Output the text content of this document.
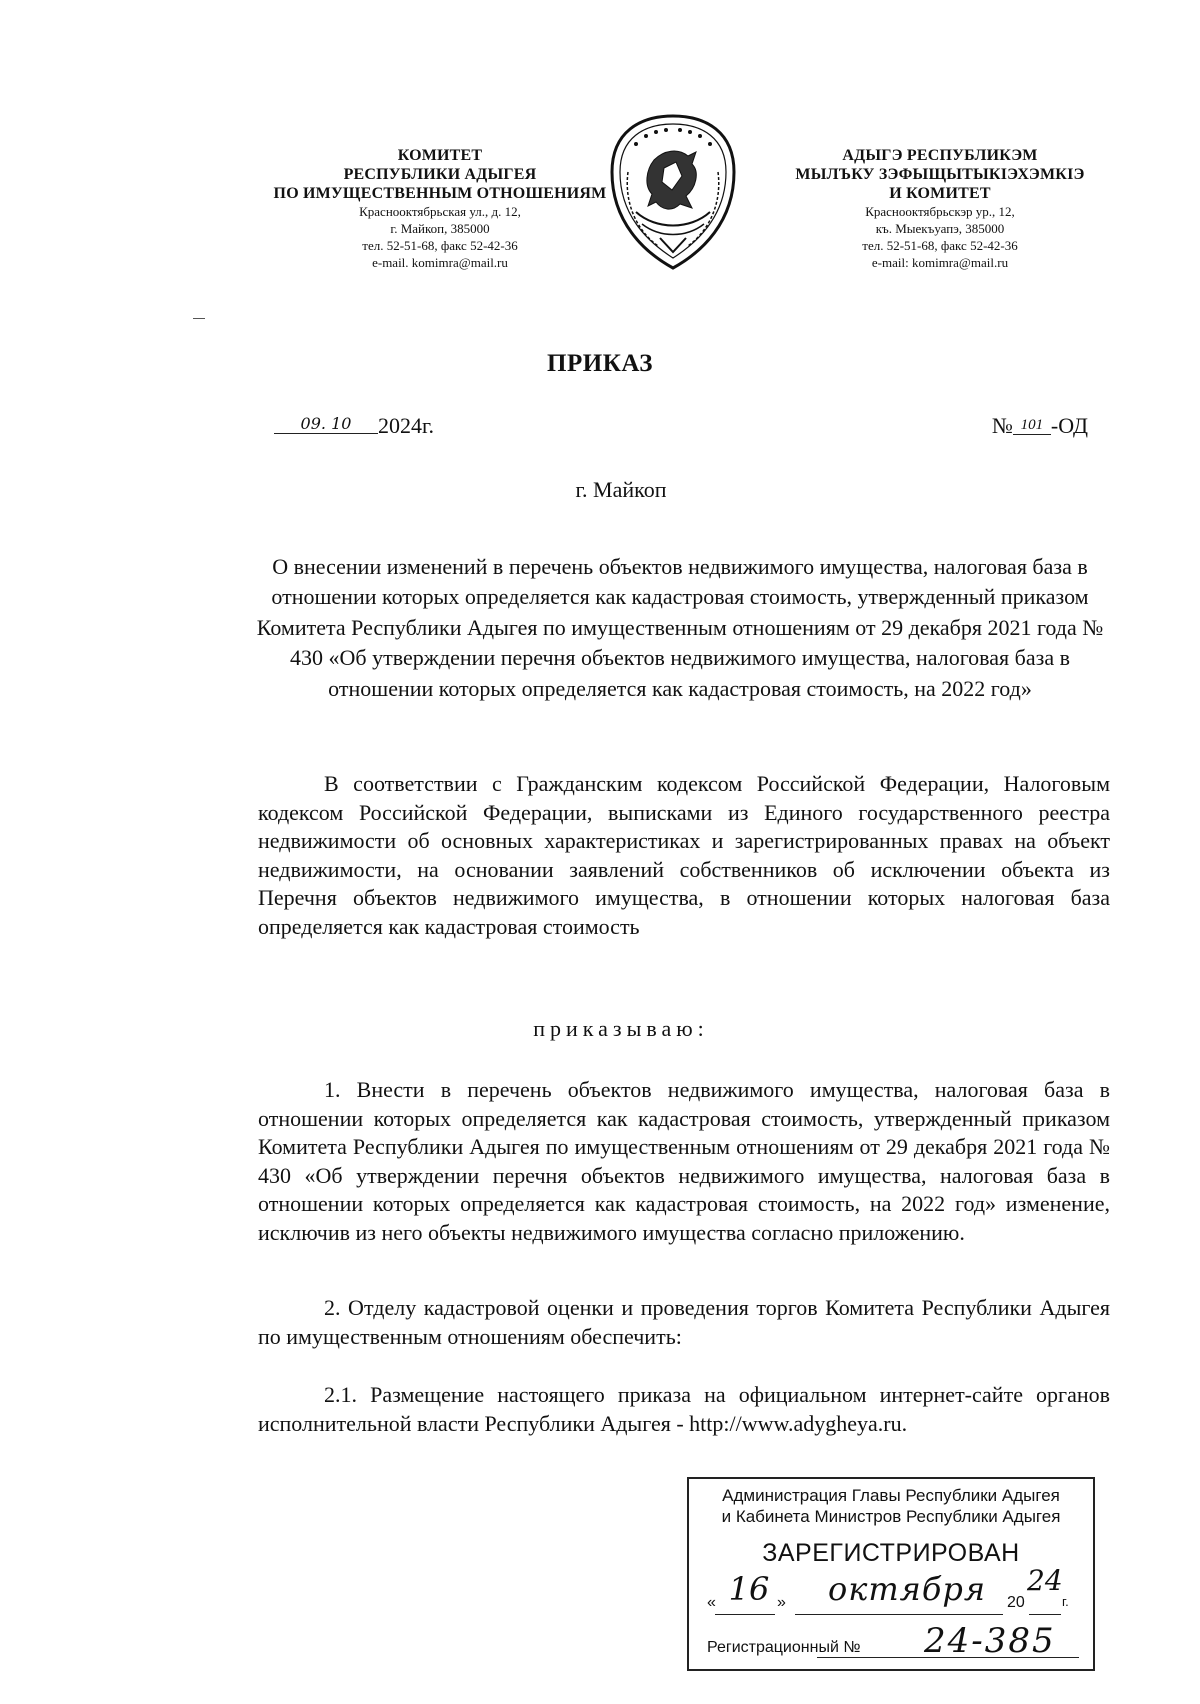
КОМИТЕТ
РЕСПУБЛИКИ АДЫГЕЯ
ПО ИМУЩЕСТВЕННЫМ ОТНОШЕНИЯМ
Краснооктябрьская ул., д. 12,
г. Майкоп, 385000
тел. 52-51-68, факс 52-42-36
e-mail. komimra@mail.ru
АДЫГЭ РЕСПУБЛИКЭМ
МЫЛЪКУ ЗЭФЫЩЫТЫКIЭХЭМКIЭ
И КОМИТЕТ
Краснооктябрьскэр ур., 12,
къ. Мыекъуапэ, 385000
тел. 52-51-68, факс 52-42-36
e-mail: komimra@mail.ru
ПРИКАЗ
09. 10 2024г.	№ 101 -ОД
г. Майкоп
О внесении изменений в перечень объектов недвижимого имущества, налоговая база в отношении которых определяется как кадастровая стоимость, утвержденный приказом Комитета Республики Адыгея по имущественным отношениям от 29 декабря 2021 года № 430 «Об утверждении перечня объектов недвижимого имущества, налоговая база в отношении которых определяется как кадастровая стоимость, на 2022 год»
В соответствии с Гражданским кодексом Российской Федерации, Налоговым кодексом Российской Федерации, выписками из Единого государственного реестра недвижимости об основных характеристиках и зарегистрированных правах на объект недвижимости, на основании заявлений собственников об исключении объекта из Перечня объектов недвижимого имущества, в отношении которых налоговая база определяется как кадастровая стоимость
приказываю:
1. Внести в перечень объектов недвижимого имущества, налоговая база в отношении которых определяется как кадастровая стоимость, утвержденный приказом Комитета Республики Адыгея по имущественным отношениям от 29 декабря 2021 года № 430 «Об утверждении перечня объектов недвижимого имущества, налоговая база в отношении которых определяется как кадастровая стоимость, на 2022 год» изменение, исключив из него объекты недвижимого имущества согласно приложению.
2. Отделу кадастровой оценки и проведения торгов Комитета Республики Адыгея по имущественным отношениям обеспечить:
2.1. Размещение настоящего приказа на официальном интернет-сайте органов исполнительной власти Республики Адыгея - http://www.adygheya.ru.
Администрация Главы Республики Адыгея
и Кабинета Министров Республики Адыгея
ЗАРЕГИСТРИРОВАН
« 16 »	октября	20
24
г.
Регистрационный № 24-385
